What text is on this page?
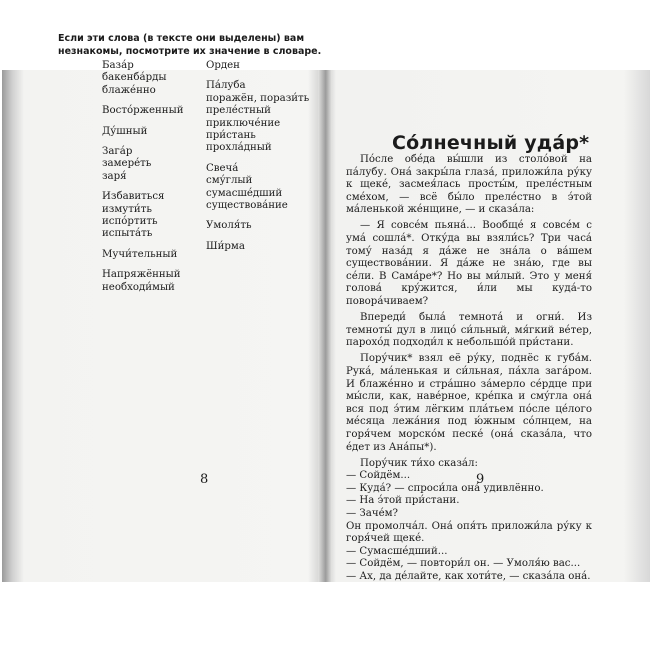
Если эти слова (в тексте они выделены) вам незнакомы, посмотрите их значение в словаре.
База́р
бакенба́рды
блаже́нно
Восто́рженный
Ду́шный
Зага́р
замере́ть
заря́
Избавиться
измути́ть
испо́ртить
испыта́ть
Мучи́тельный
Напряжённый
необходи́мый
Орден
Па́луба
поражён, порази́ть
преле́стный
приключе́ние
при́стань
прохла́дный
Свеча́
сму́глый
сумасше́дший
существова́ние
Умоля́ть
Ши́рма
8
Со́лнечный уда́р*

По́сле обе́да вы́шли из столо́вой на па́лубу. Она́ закры́ла глаза́, приложи́ла ру́ку к щеке́, засмея́лась просты́м, преле́стным сме́хом, — всё бы́ло преле́стно в э́той ма́ленькой же́нщине, — и сказа́ла:

— Я совсе́м пьяна́... Вообще́ я совсе́м с ума́ сошла́*. Отку́да вы взяли́сь? Три часа́ тому́ наза́д я да́же не зна́ла о ва́шем существова́нии. Я да́же не зна́ю, где вы се́ли. В Сама́ре*? Но вы ми́лый. Это у меня́ голова́ кру́жится, и́ли мы куда́-то повора́чиваем?

Впереди́ была́ темнота́ и огни́. Из темноты́ дул в лицо́ си́льный, мя́гкий ве́тер, парохо́д подходи́л к небольшо́й при́стани.

Пору́чик* взял её ру́ку, поднёс к губа́м. Рука́, ма́ленькая и си́льная, па́хла зага́ром. И блаже́нно и стра́шно за́мерло се́рдце при мы́сли, как, наве́рное, кре́пка и сму́гла она́ вся под э́тим лёгким пла́тьем по́сле це́лого ме́сяца лежа́ния под ю́жным со́лнцем, на горя́чем морско́м песке́ (она́ сказа́ла, что е́дет из Ана́пы*).

Пору́чик ти́хо сказа́л:

— Сойдём...

— Куда́? — спроси́ла она́ удивлённо.

— На э́той при́стани.

— Заче́м?

Он промолча́л. Она́ опя́ть приложи́ла ру́ку к горя́чей щеке́.

— Сумасше́дший...

— Сойдём, — повтори́л он. — Умоля́ю вас...

— Ах, да де́лайте, как хоти́те, — сказа́ла она́.

9
